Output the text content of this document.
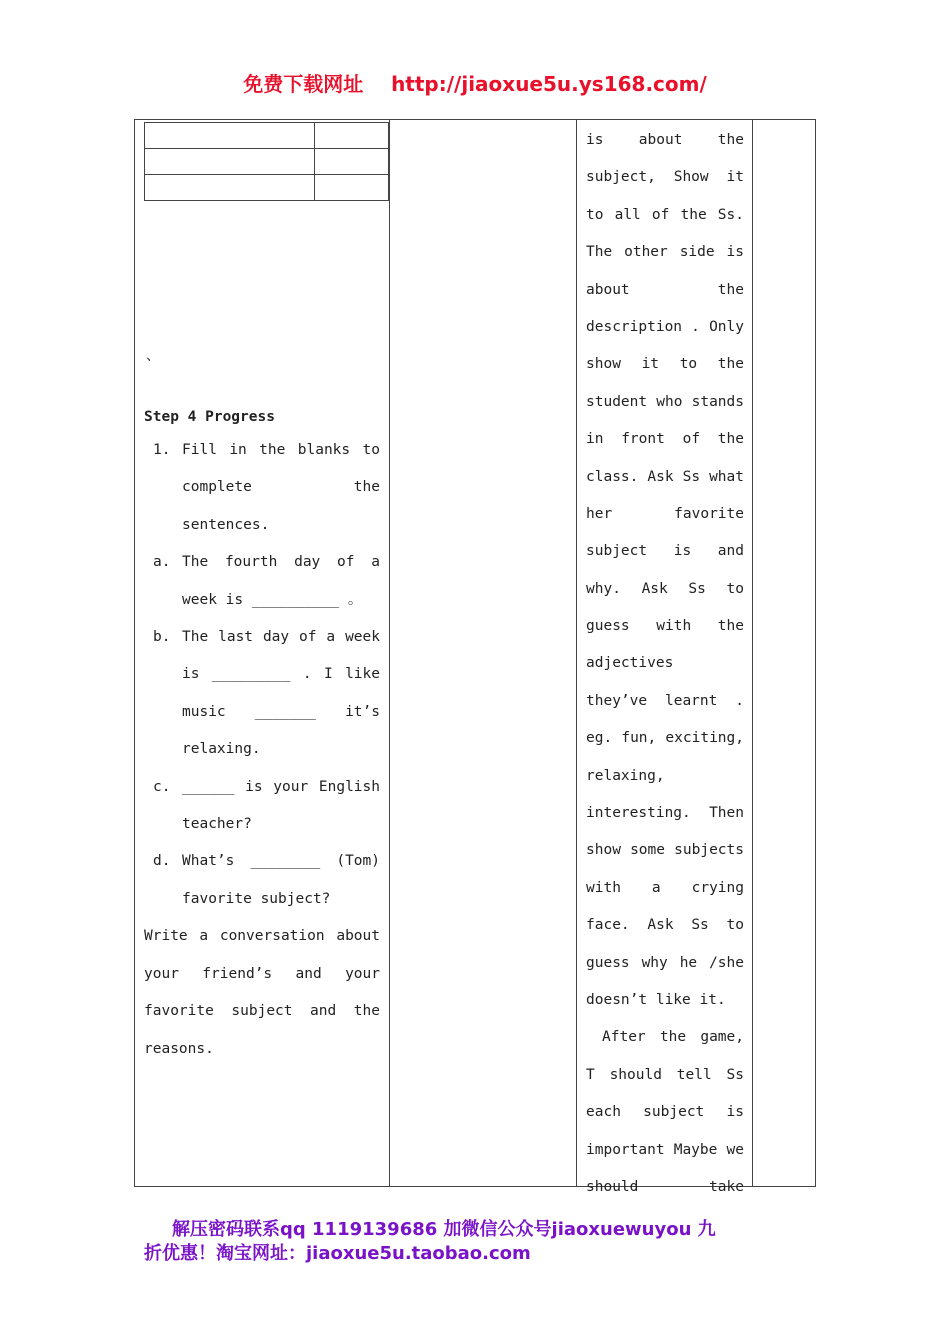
免费下载网址 http://jiaoxue5u.ys168.com/

、
Step 4 Progress
1. Fill in the blanks to complete the sentences.
a. The fourth day of a week is __________ 。
b. The last day of a week is _________ . I like music _______ it’s relaxing.
c. ______ is your English teacher?
d. What’s ________ (Tom) favorite subject?
Write a conversation about your friend’s and your favorite subject and the reasons.
is about the
subject, Show it
to all of the Ss.
The other side is
about the
description . Only
show it to the
student who stands
in front of the
class. Ask Ss what
her favorite
subject is and
why. Ask Ss to
guess with the
adjectives
they’ve learnt .
eg. fun, exciting,
relaxing,
interesting. Then
show some subjects
with a crying
face. Ask Ss to
guess why he /she
doesn’t like it.
After the game,
T should tell Ss
each subject is
important Maybe we
should take
解压密码联系qq 1119139686 加微信公众号jiaoxuewuyou 九
折优惠！淘宝网址：jiaoxue5u.taobao.com
